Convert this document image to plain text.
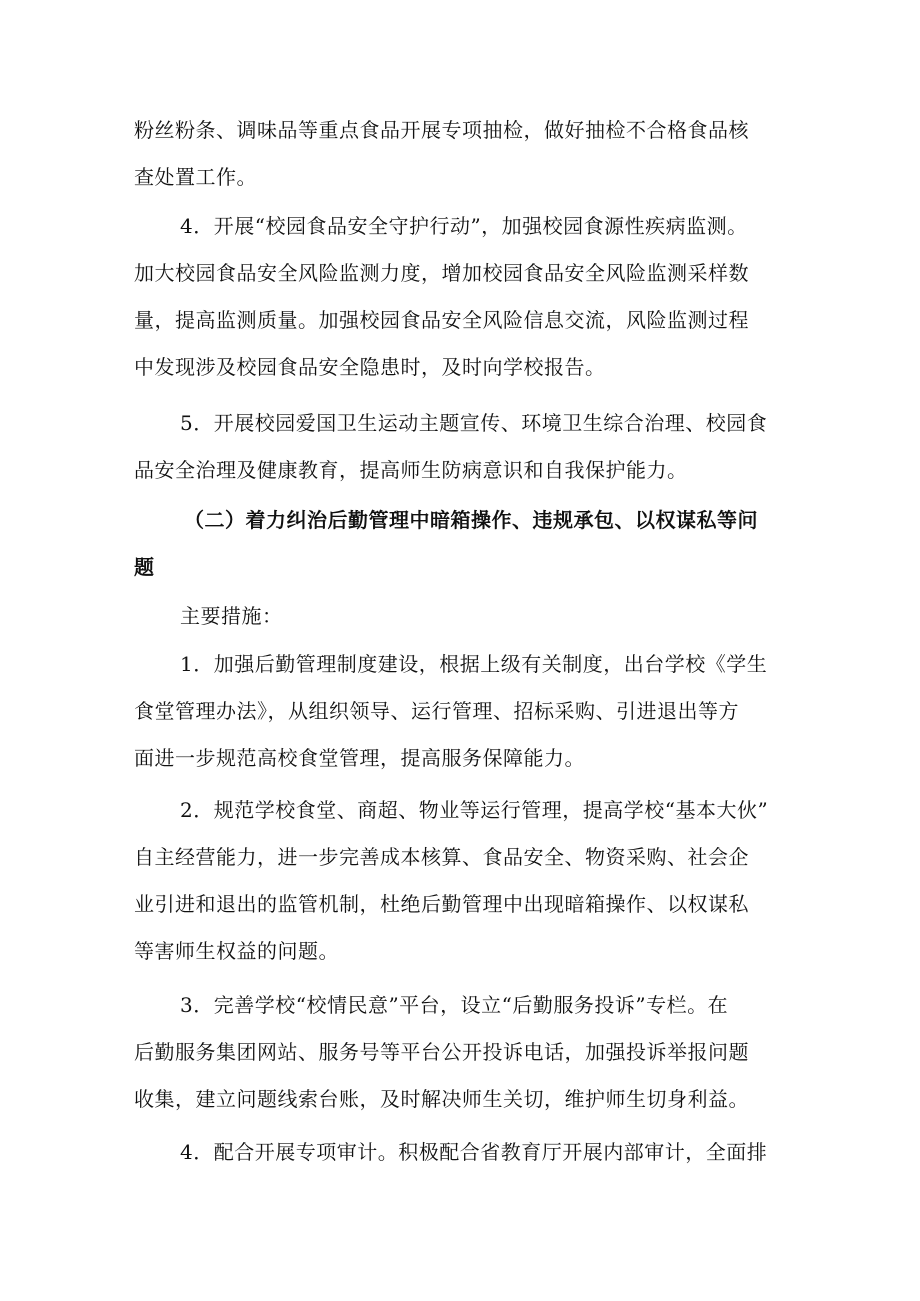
粉丝粉条、调味品等重点食品开展专项抽检，做好抽检不合格食品核
查处置工作。
4．开展“校园食品安全守护行动”，加强校园食源性疾病监测。
加大校园食品安全风险监测力度，增加校园食品安全风险监测采样数
量，提高监测质量。加强校园食品安全风险信息交流，风险监测过程
中发现涉及校园食品安全隐患时，及时向学校报告。
5．开展校园爱国卫生运动主题宣传、环境卫生综合治理、校园食
品安全治理及健康教育，提高师生防病意识和自我保护能力。
（二）着力纠治后勤管理中暗箱操作、违规承包、以权谋私等问
题
主要措施：
1．加强后勤管理制度建设，根据上级有关制度，出台学校《学生
食堂管理办法》，从组织领导、运行管理、招标采购、引进退出等方
面进一步规范高校食堂管理，提高服务保障能力。
2．规范学校食堂、商超、物业等运行管理，提高学校“基本大伙”
自主经营能力，进一步完善成本核算、食品安全、物资采购、社会企
业引进和退出的监管机制，杜绝后勤管理中出现暗箱操作、以权谋私
等害师生权益的问题。
3．完善学校“校情民意”平台，设立“后勤服务投诉”专栏。在
后勤服务集团网站、服务号等平台公开投诉电话，加强投诉举报问题
收集，建立问题线索台账，及时解决师生关切，维护师生切身利益。
4．配合开展专项审计。积极配合省教育厅开展内部审计，全面排
